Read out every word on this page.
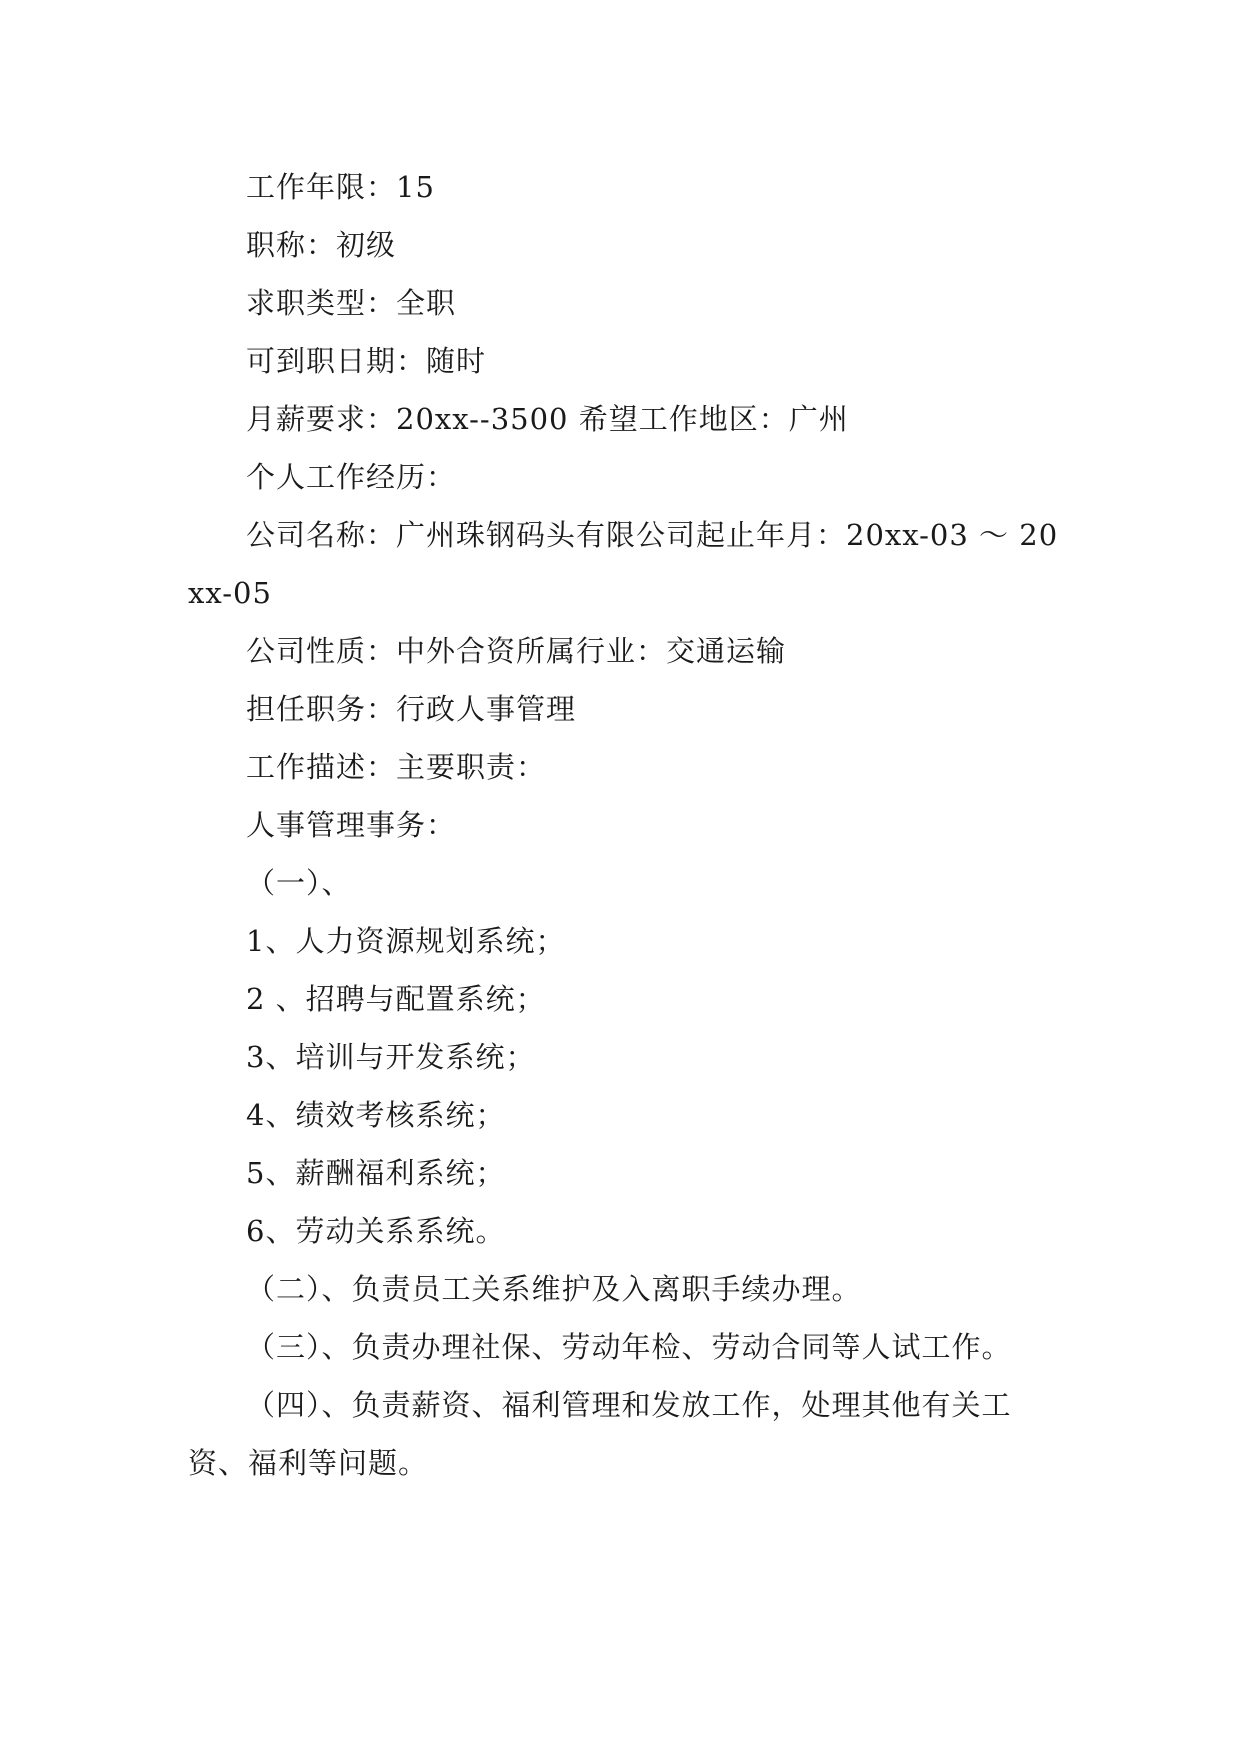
工作年限：15

职称：初级

求职类型：全职

可到职日期：随时

月薪要求：20xx--3500 希望工作地区：广州

个人工作经历：

公司名称：广州珠钢码头有限公司起止年月：20xx-03 ～ 20xx-05

公司性质：中外合资所属行业：交通运输

担任职务：行政人事管理

工作描述：主要职责：

人事管理事务：

（一）、

1、人力资源规划系统；

2 、招聘与配置系统；

3、培训与开发系统；

4、绩效考核系统；

5、薪酬福利系统；

6、劳动关系系统。

（二）、负责员工关系维护及入离职手续办理。

（三）、负责办理社保、劳动年检、劳动合同等人试工作。

（四）、负责薪资、福利管理和发放工作，处理其他有关工资、福利等问题。
